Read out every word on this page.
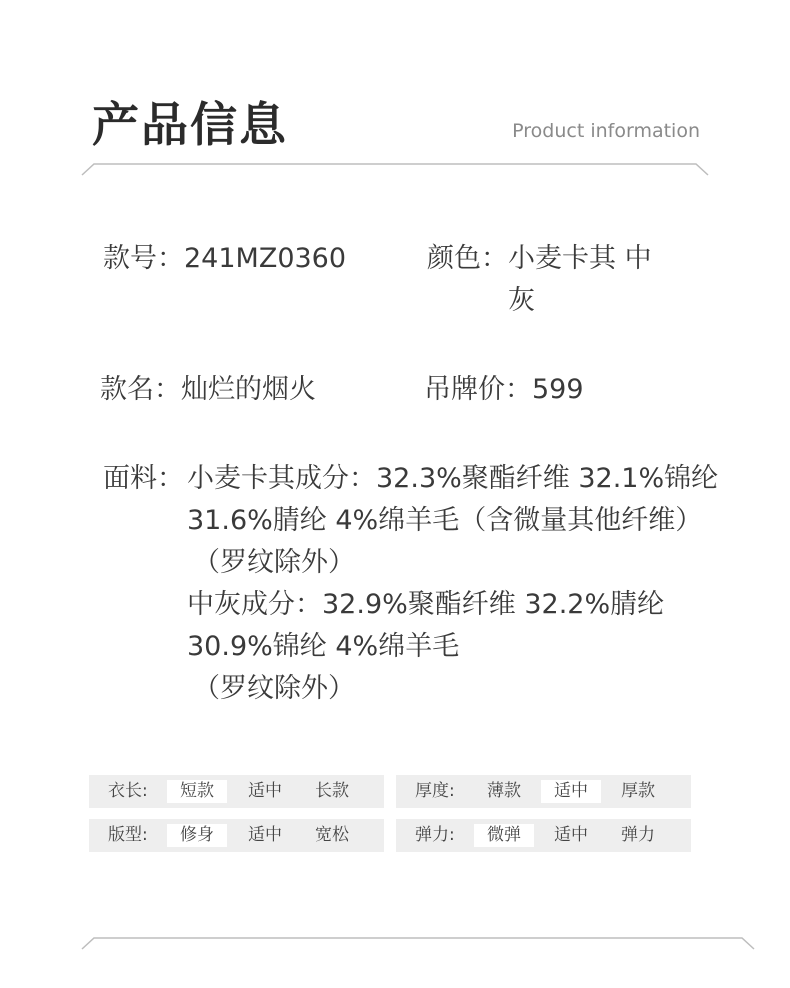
产品信息	Product information
款号：241MZ0360	颜色： 小麦卡其 中
灰
款名：灿烂的烟火	吊牌价：599
面料： 小麦卡其成分：32.3%聚酯纤维 32.1%锦纶
31.6%腈纶 4%绵羊毛（含微量其他纤维）
（罗纹除外）
中灰成分：32.9%聚酯纤维 32.2%腈纶
30.9%锦纶 4%绵羊毛
（罗纹除外）
衣长:	短款	适中	长款	厚度:	薄款	适中	厚款
版型:	修身	适中	宽松	弹力:	微弹	适中	弹力
